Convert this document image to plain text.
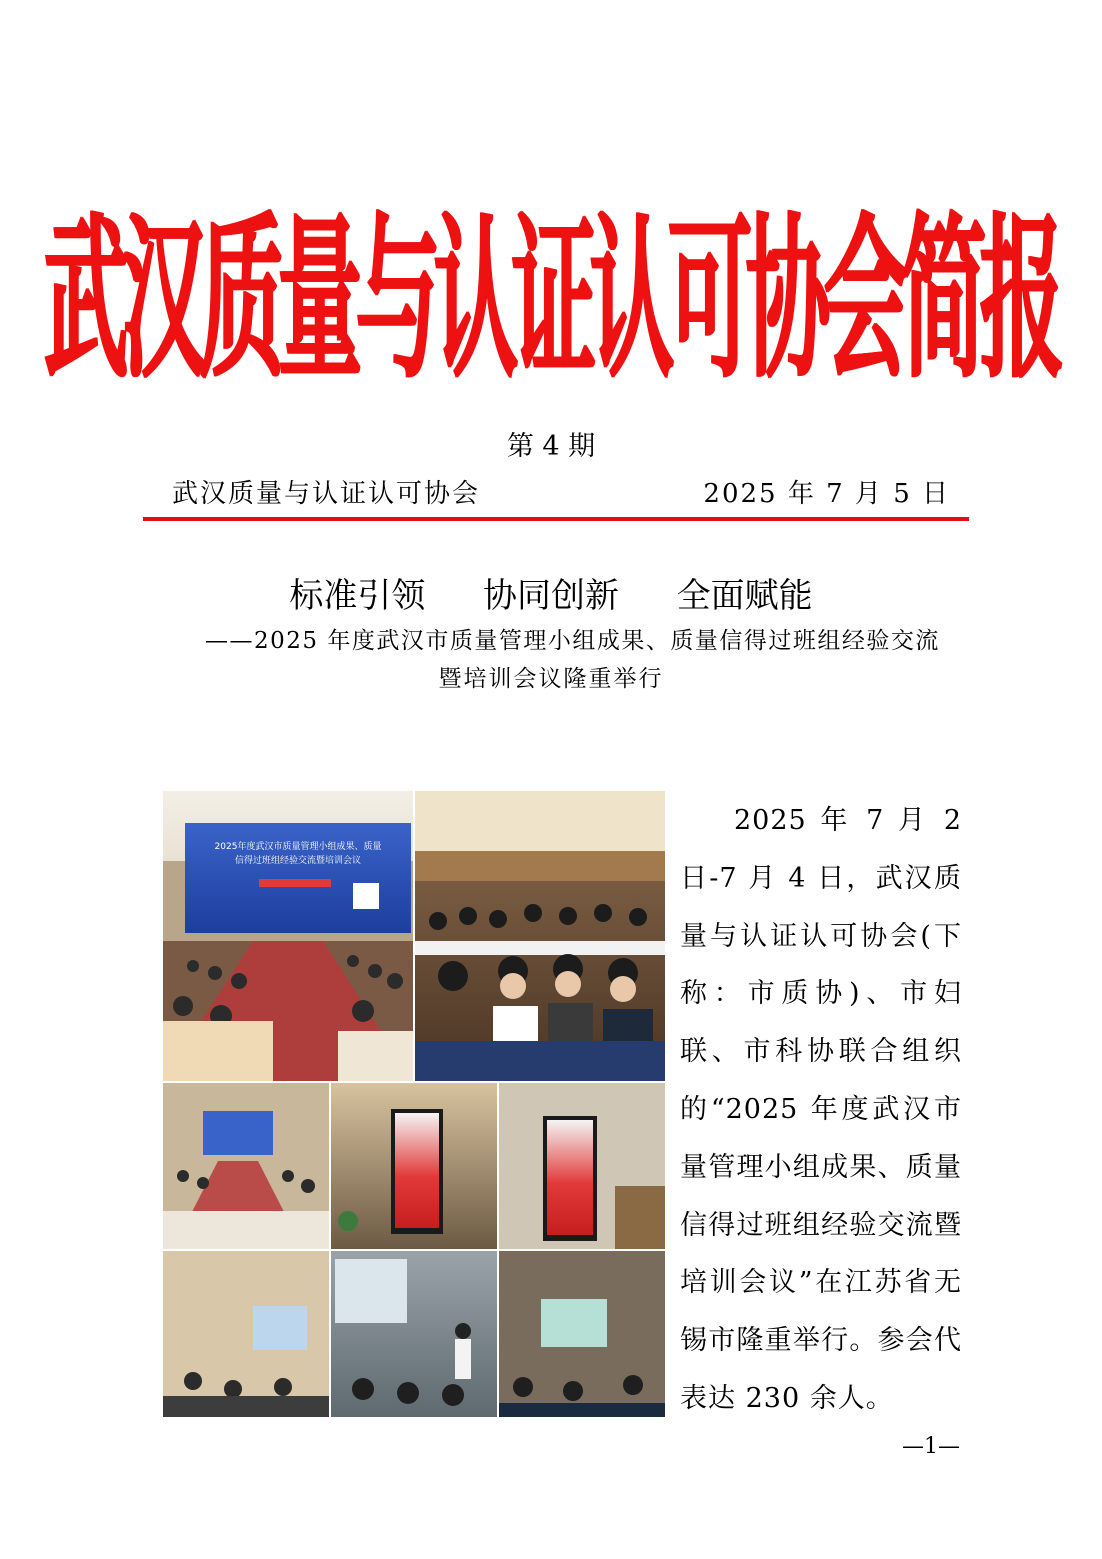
武汉质量与认证认可协会简报
第 4 期
武汉质量与认证认可协会	2025 年 7 月 5 日
标准引领  协同创新  全面赋能
——2025 年度武汉市质量管理小组成果、质量信得过班组经验交流
暨培训会议隆重举行
2025年度武汉市质量管理小组成果、质量
信得过班组经验交流暨培训会议
2025 年 7 月 2 日-7 月 4 日，武汉质量与认证认可协会(下称：市质协)、市妇联、市科协联合组织的“2025 年度武汉市量管理小组成果、质量信得过班组经验交流暨培训会议”在江苏省无锡市隆重举行。参会代表达 230 余人。
—1—
